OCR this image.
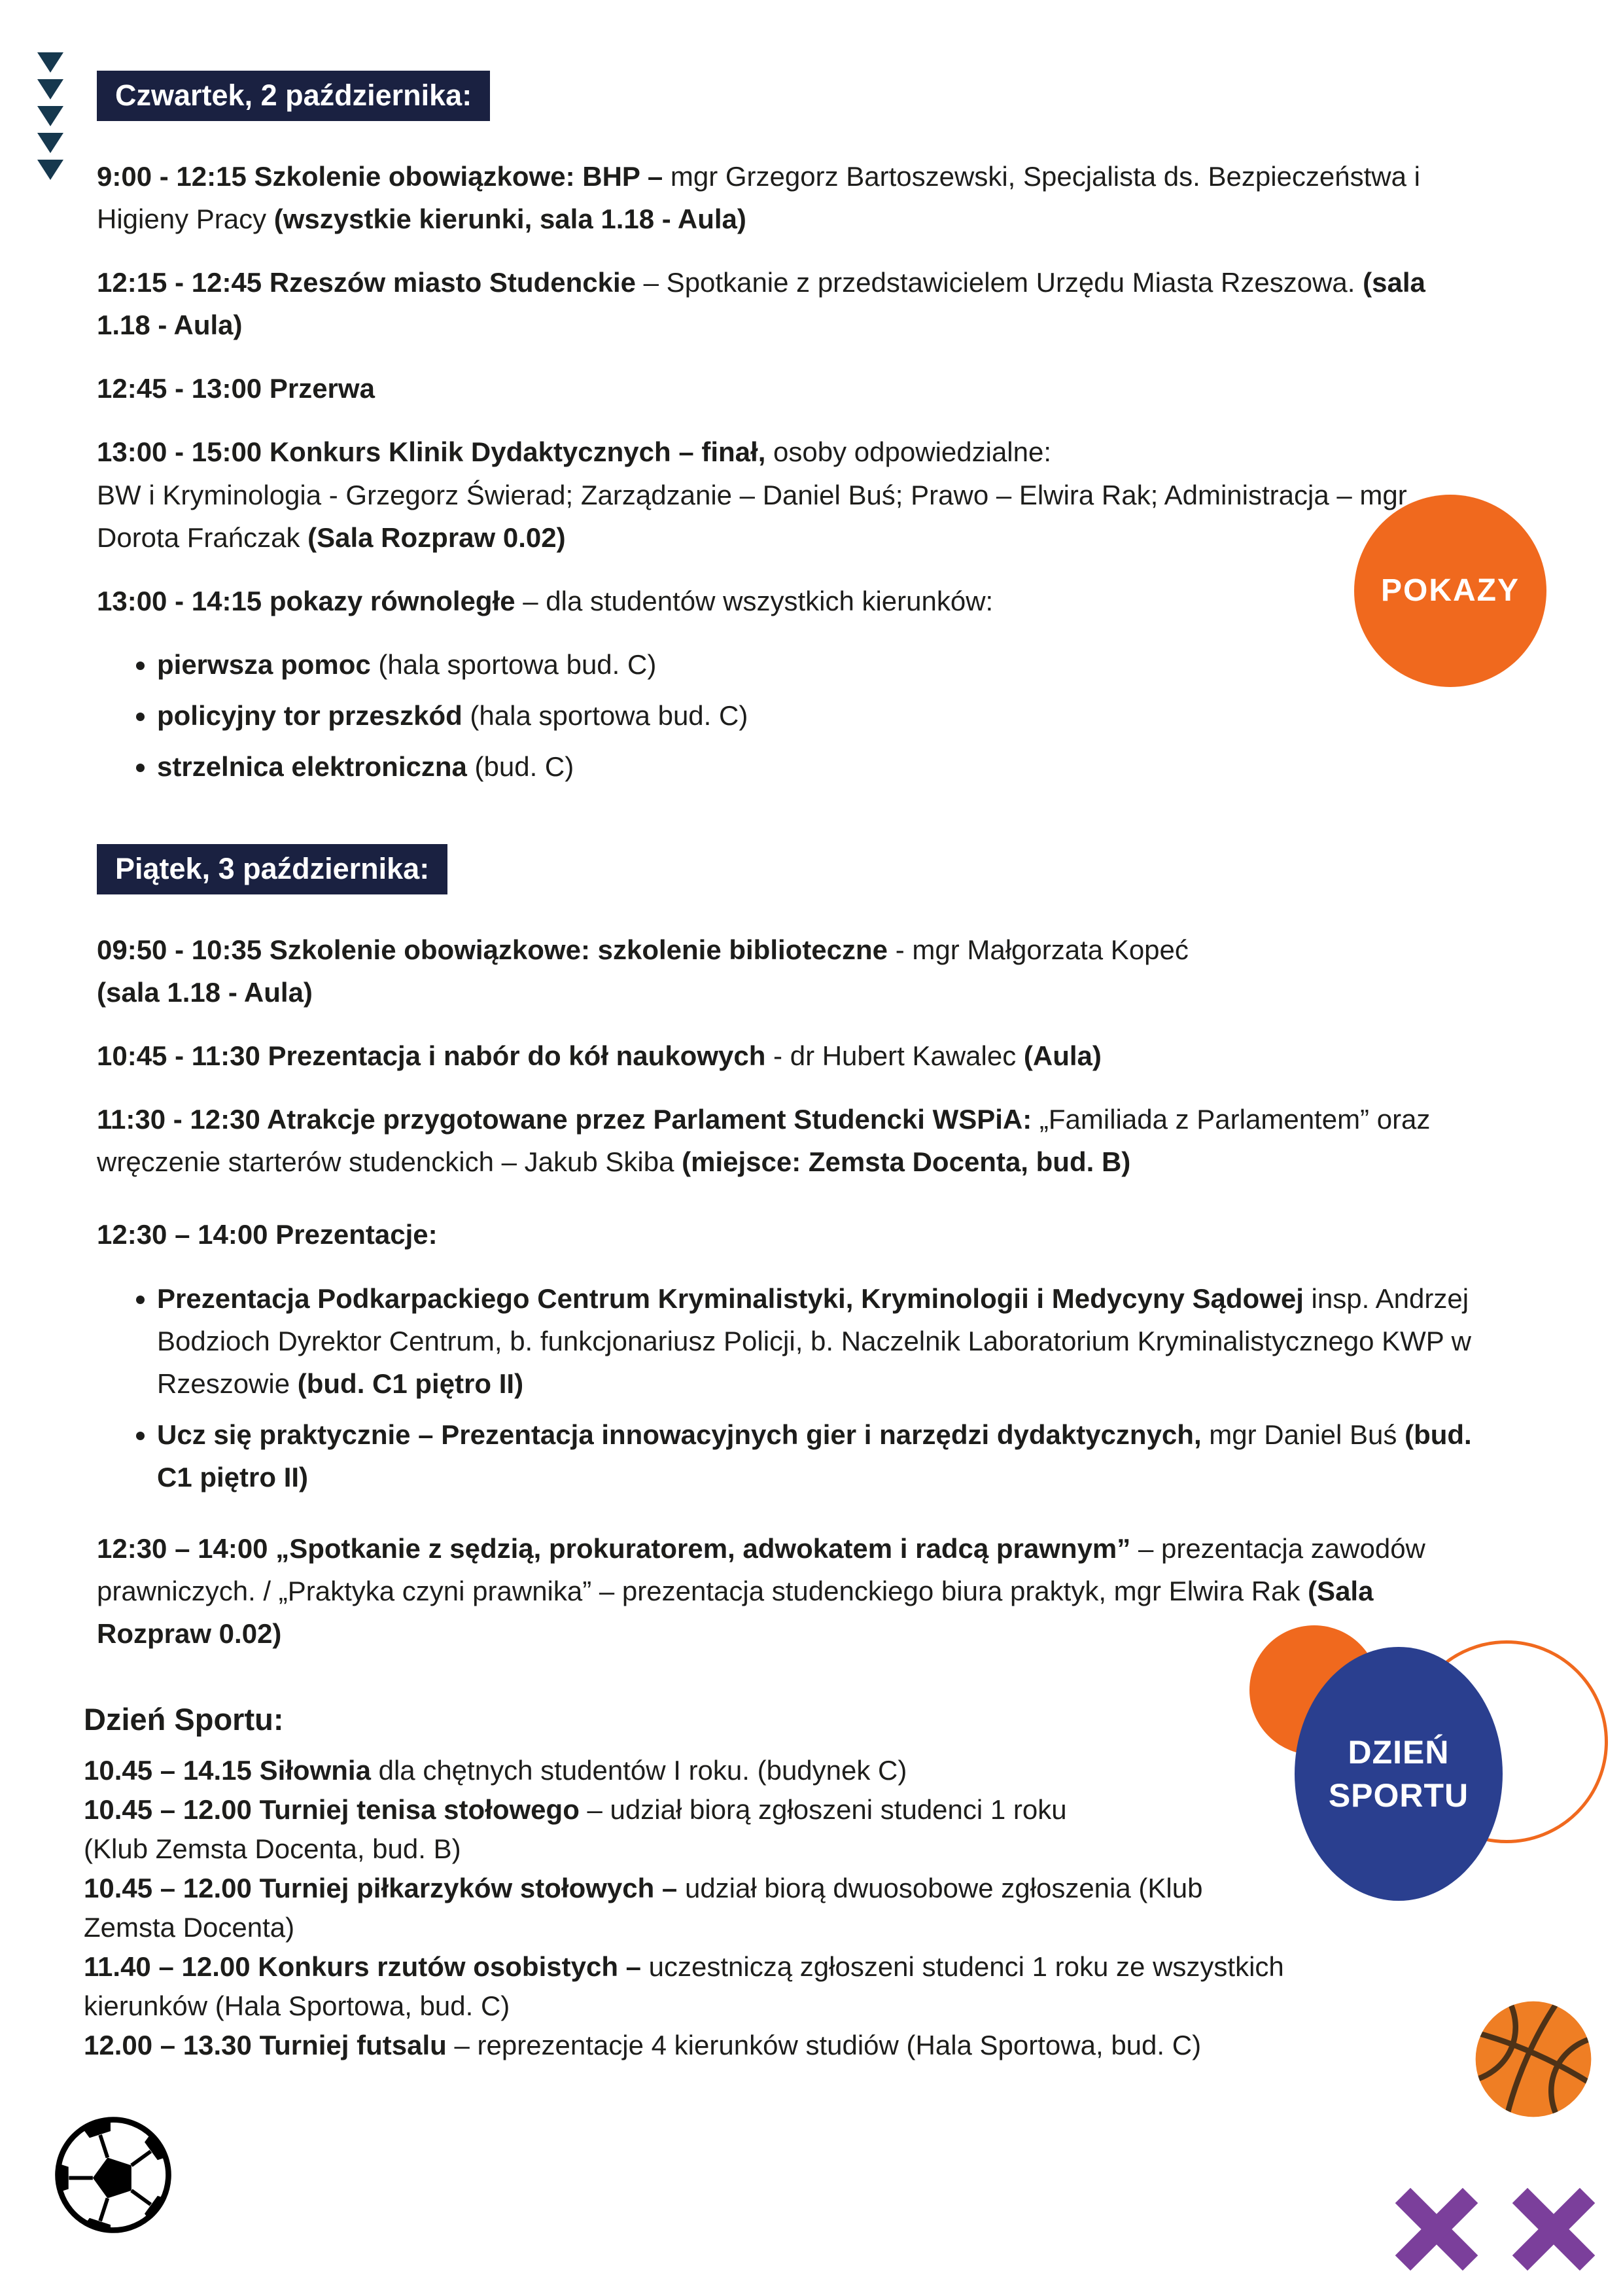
Czwartek, 2 października:

9:00 - 12:15 Szkolenie obowiązkowe: BHP – mgr Grzegorz Bartoszewski, Specjalista ds. Bezpieczeństwa i Higieny Pracy (wszystkie kierunki, sala 1.18 - Aula)

12:15 - 12:45 Rzeszów miasto Studenckie – Spotkanie z przedstawicielem Urzędu Miasta Rzeszowa. (sala 1.18 - Aula)

12:45 - 13:00 Przerwa

13:00 - 15:00 Konkurs Klinik Dydaktycznych – finał, osoby odpowiedzialne:
BW i Kryminologia - Grzegorz Świerad; Zarządzanie – Daniel Buś; Prawo – Elwira Rak; Administracja – mgr Dorota Frańczak (Sala Rozpraw 0.02)

13:00 - 14:15 pokazy równoległe – dla studentów wszystkich kierunków:

• pierwsza pomoc (hala sportowa bud. C)
• policyjny tor przeszkód (hala sportowa bud. C)
• strzelnica elektroniczna (bud. C)
POKAZY
Piątek, 3 października:

09:50 - 10:35 Szkolenie obowiązkowe: szkolenie biblioteczne - mgr Małgorzata Kopeć
(sala 1.18 - Aula)

10:45 - 11:30 Prezentacja i nabór do kół naukowych - dr Hubert Kawalec (Aula)

11:30 - 12:30 Atrakcje przygotowane przez Parlament Studencki WSPiA: „Familiada z Parlamentem” oraz wręczenie starterów studenckich – Jakub Skiba (miejsce: Zemsta Docenta, bud. B)

12:30 – 14:00 Prezentacje:

• Prezentacja Podkarpackiego Centrum Kryminalistyki, Kryminologii i Medycyny Sądowej insp. Andrzej Bodzioch Dyrektor Centrum, b. funkcjonariusz Policji, b. Naczelnik Laboratorium Kryminalistycznego KWP w Rzeszowie (bud. C1 piętro II)
• Ucz się praktycznie – Prezentacja innowacyjnych gier i narzędzi dydaktycznych, mgr Daniel Buś (bud. C1 piętro II)

12:30 – 14:00 „Spotkanie z sędzią, prokuratorem, adwokatem i radcą prawnym” – prezentacja zawodów prawniczych. / „Praktyka czyni prawnika” – prezentacja studenckiego biura praktyk, mgr Elwira Rak (Sala Rozpraw 0.02)

Dzień Sportu:

10.45 – 14.15 Siłownia dla chętnych studentów I roku. (budynek C)

10.45 – 12.00 Turniej tenisa stołowego – udział biorą zgłoszeni studenci 1 roku
(Klub Zemsta Docenta, bud. B)

10.45 – 12.00 Turniej piłkarzyków stołowych – udział biorą dwuosobowe zgłoszenia (Klub
Zemsta Docenta)

11.40 – 12.00 Konkurs rzutów osobistych – uczestniczą zgłoszeni studenci 1 roku ze wszystkich
kierunków (Hala Sportowa, bud. C)

12.00 – 13.30 Turniej futsalu – reprezentacje 4 kierunków studiów (Hala Sportowa, bud. C)

DZIEŃ
SPORTU
